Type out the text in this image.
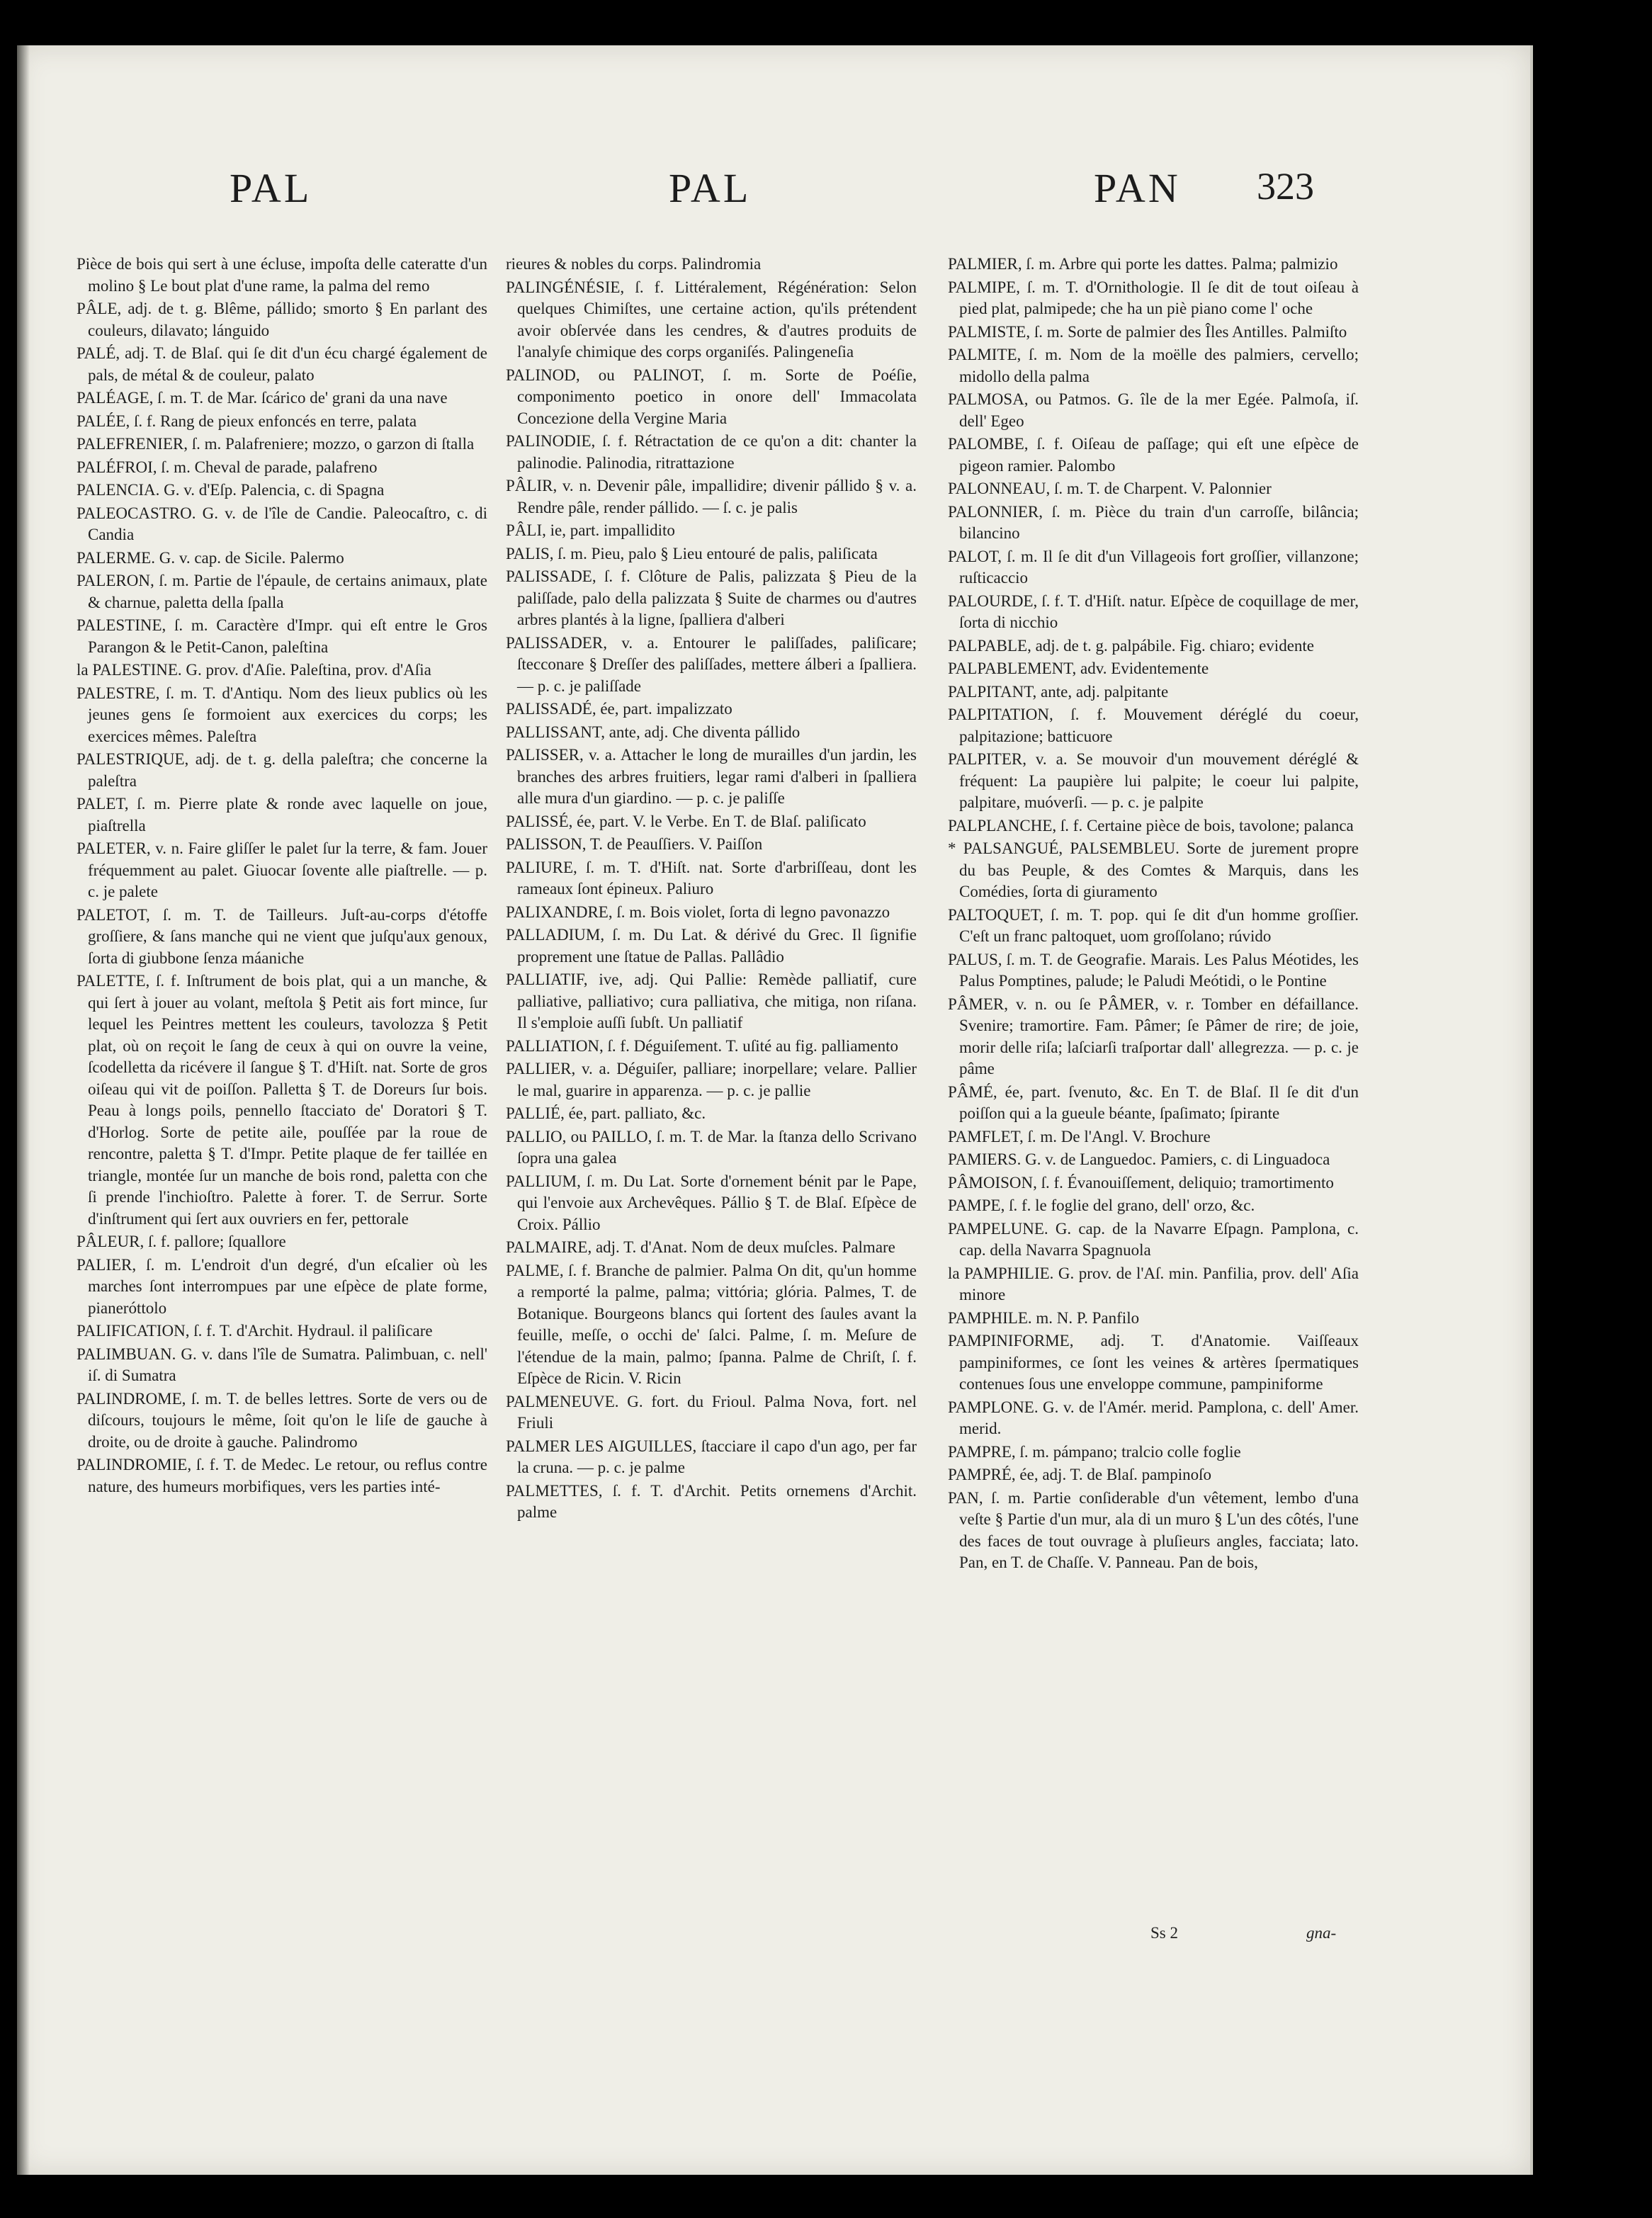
PAL	PAL	PAN 323

Pièce de bois qui sert à une écluse, impoſta delle cateratte d'un molino § Le bout plat d'une rame, la palma del remo

PÂLE, adj. de t. g. Blême, pállido; smorto § En parlant des couleurs, dilavato; lánguido

PALÉ, adj. T. de Blaſ. qui ſe dit d'un écu chargé également de pals, de métal & de couleur, palato

PALÉAGE, ſ. m. T. de Mar. ſcárico de' grani da una nave

PALÉE, ſ. f. Rang de pieux enfoncés en terre, palata

PALEFRENIER, ſ. m. Palafreniere; mozzo, o garzon di ſtalla

PALÉFROI, ſ. m. Cheval de parade, palafreno

PALENCIA. G. v. d'Eſp. Palencia, c. di Spagna

PALEOCASTRO. G. v. de l'île de Candie. Paleocaſtro, c. di Candia

PALERME. G. v. cap. de Sicile. Palermo

PALERON, ſ. m. Partie de l'épaule, de certains animaux, plate & charnue, paletta della ſpalla

PALESTINE, ſ. m. Caractère d'Impr. qui eſt entre le Gros Parangon & le Petit-Canon, paleſtina

la PALESTINE. G. prov. d'Aſie. Paleſtina, prov. d'Aſia

PALESTRE, ſ. m. T. d'Antiqu. Nom des lieux publics où les jeunes gens ſe formoient aux exercices du corps; les exercices mêmes. Paleſtra

PALESTRIQUE, adj. de t. g. della paleſtra; che concerne la paleſtra

PALET, ſ. m. Pierre plate & ronde avec laquelle on joue, piaſtrella

PALETER, v. n. Faire gliſſer le palet ſur la terre, & fam. Jouer fréquemment au palet. Giuocar ſovente alle piaſtrelle. — p. c. je palete

PALETOT, ſ. m. T. de Tailleurs. Juſt-au-corps d'étoffe groſſiere, & ſans manche qui ne vient que juſqu'aux genoux, ſorta di giubbone ſenza máaniche

PALETTE, ſ. f. Inſtrument de bois plat, qui a un manche, & qui ſert à jouer au volant, meſtola § Petit ais fort mince, ſur lequel les Peintres mettent les couleurs, tavolozza § Petit plat, où on reçoit le ſang de ceux à qui on ouvre la veine, ſcodelletta da ricévere il ſangue § T. d'Hiſt. nat. Sorte de gros oiſeau qui vit de poiſſon. Palletta § T. de Doreurs ſur bois. Peau à longs poils, pennello ſtacciato de' Doratori § T. d'Horlog. Sorte de petite aile, pouſſée par la roue de rencontre, paletta § T. d'Impr. Petite plaque de fer taillée en triangle, montée ſur un manche de bois rond, paletta con che ſi prende l'inchioſtro. Palette à forer. T. de Serrur. Sorte d'inſtrument qui ſert aux ouvriers en fer, pettorale

PÂLEUR, ſ. f. pallore; ſquallore

PALIER, ſ. m. L'endroit d'un degré, d'un eſcalier où les marches ſont interrompues par une eſpèce de plate forme, pianeróttolo

PALIFICATION, ſ. f. T. d'Archit. Hydraul. il paliſicare

PALIMBUAN. G. v. dans l'île de Sumatra. Palimbuan, c. nell' iſ. di Sumatra

PALINDROME, ſ. m. T. de belles lettres. Sorte de vers ou de diſcours, toujours le même, ſoit qu'on le liſe de gauche à droite, ou de droite à gauche. Palindromo

PALINDROMIE, ſ. f. T. de Medec. Le retour, ou reflus contre nature, des humeurs morbifiques, vers les parties inté-

rieures & nobles du corps. Palindromia

PALINGÉNÉSIE, ſ. f. Littéralement, Régénération: Selon quelques Chimiſtes, une certaine action, qu'ils prétendent avoir obſervée dans les cendres, & d'autres produits de l'analyſe chimique des corps organiſés. Palingeneſia

PALINOD, ou PALINOT, ſ. m. Sorte de Poéſie, componimento poetico in onore dell' Immacolata Concezione della Vergine Maria

PALINODIE, ſ. f. Rétractation de ce qu'on a dit: chanter la palinodie. Palinodia, ritrattazione

PÂLIR, v. n. Devenir pâle, impallidire; divenir pállido § v. a. Rendre pâle, render pállido. — ſ. c. je palis

PÂLI, ie, part. impallidito

PALIS, ſ. m. Pieu, palo § Lieu entouré de palis, paliſicata

PALISSADE, ſ. f. Clôture de Palis, palizzata § Pieu de la paliſſade, palo della palizzata § Suite de charmes ou d'autres arbres plantés à la ligne, ſpalliera d'alberi

PALISSADER, v. a. Entourer le paliſſades, paliſicare; ſtecconare § Dreſſer des paliſſades, mettere álberi a ſpalliera. — p. c. je paliſſade

PALISSADÉ, ée, part. impalizzato

PALLISSANT, ante, adj. Che diventa pállido

PALISSER, v. a. Attacher le long de murailles d'un jardin, les branches des arbres fruitiers, legar rami d'alberi in ſpalliera alle mura d'un giardino. — p. c. je paliſſe

PALISSÉ, ée, part. V. le Verbe. En T. de Blaſ. paliſicato

PALISSON, T. de Peauſſiers. V. Paiſſon

PALIURE, ſ. m. T. d'Hiſt. nat. Sorte d'arbriſſeau, dont les rameaux ſont épineux. Paliuro

PALIXANDRE, ſ. m. Bois violet, ſorta di legno pavonazzo

PALLADIUM, ſ. m. Du Lat. & dérivé du Grec. Il ſignifie proprement une ſtatue de Pallas. Pallâdio

PALLIATIF, ive, adj. Qui Pallie: Remède palliatif, cure palliative, palliativo; cura palliativa, che mitiga, non riſana. Il s'emploie auſſi ſubſt. Un palliatif

PALLIATION, ſ. f. Déguiſement. T. uſité au fig. palliamento

PALLIER, v. a. Déguiſer, palliare; inorpellare; velare. Pallier le mal, guarire in apparenza. — p. c. je pallie

PALLIÉ, ée, part. palliato, &c.

PALLIO, ou PAILLO, ſ. m. T. de Mar. la ſtanza dello Scrivano ſopra una galea

PALLIUM, ſ. m. Du Lat. Sorte d'ornement bénit par le Pape, qui l'envoie aux Archevêques. Pállio § T. de Blaſ. Eſpèce de Croix. Pállio

PALMAIRE, adj. T. d'Anat. Nom de deux muſcles. Palmare

PALME, ſ. f. Branche de palmier. Palma On dit, qu'un homme a remporté la palme, palma; vittória; glória. Palmes, T. de Botanique. Bourgeons blancs qui ſortent des ſaules avant la feuille, meſſe, o occhi de' ſalci. Palme, ſ. m. Meſure de l'étendue de la main, palmo; ſpanna. Palme de Chriſt, ſ. f. Eſpèce de Ricin. V. Ricin

PALMENEUVE. G. fort. du Frioul. Palma Nova, fort. nel Friuli

PALMER LES AIGUILLES, ſtacciare il capo d'un ago, per far la cruna. — p. c. je palme

PALMETTES, ſ. f. T. d'Archit. Petits ornemens d'Archit. palme

PALMIER, ſ. m. Arbre qui porte les dattes. Palma; palmizio

PALMIPE, ſ. m. T. d'Ornithologie. Il ſe dit de tout oiſeau à pied plat, palmipede; che ha un piè piano come l' oche

PALMISTE, ſ. m. Sorte de palmier des Îles Antilles. Palmiſto

PALMITE, ſ. m. Nom de la moëlle des palmiers, cervello; midollo della palma

PALMOSA, ou Patmos. G. île de la mer Egée. Palmoſa, iſ. dell' Egeo

PALOMBE, ſ. f. Oiſeau de paſſage; qui eſt une eſpèce de pigeon ramier. Palombo

PALONNEAU, ſ. m. T. de Charpent. V. Palonnier

PALONNIER, ſ. m. Pièce du train d'un carroſſe, bilância; bilancino

PALOT, ſ. m. Il ſe dit d'un Villageois fort groſſier, villanzone; ruſticaccio

PALOURDE, ſ. f. T. d'Hiſt. natur. Eſpèce de coquillage de mer, ſorta di nicchio

PALPABLE, adj. de t. g. palpábile. Fig. chiaro; evidente

PALPABLEMENT, adv. Evidentemente

PALPITANT, ante, adj. palpitante

PALPITATION, ſ. f. Mouvement déréglé du coeur, palpitazione; batticuore

PALPITER, v. a. Se mouvoir d'un mouvement déréglé & fréquent: La paupière lui palpite; le coeur lui palpite, palpitare, muóverſi. — p. c. je palpite

PALPLANCHE, ſ. f. Certaine pièce de bois, tavolone; palanca

* PALSANGUÉ, PALSEMBLEU. Sorte de jurement propre du bas Peuple, & des Comtes & Marquis, dans les Comédies, ſorta di giuramento

PALTOQUET, ſ. m. T. pop. qui ſe dit d'un homme groſſier. C'eſt un franc paltoquet, uom groſſolano; rúvido

PALUS, ſ. m. T. de Geografie. Marais. Les Palus Méotides, les Palus Pomptines, palude; le Paludi Meótidi, o le Pontine

PÂMER, v. n. ou ſe PÂMER, v. r. Tomber en défaillance. Svenire; tramortire. Fam. Pâmer; ſe Pâmer de rire; de joie, morir delle riſa; laſciarſi traſportar dall' allegrezza. — p. c. je pâme

PÂMÉ, ée, part. ſvenuto, &c. En T. de Blaſ. Il ſe dit d'un poiſſon qui a la gueule béante, ſpaſimato; ſpirante

PAMFLET, ſ. m. De l'Angl. V. Brochure

PAMIERS. G. v. de Languedoc. Pamiers, c. di Linguadoca

PÂMOISON, ſ. f. Évanouiſſement, deliquio; tramortimento

PAMPE, ſ. f. le foglie del grano, dell' orzo, &c.

PAMPELUNE. G. cap. de la Navarre Eſpagn. Pamplona, c. cap. della Navarra Spagnuola

la PAMPHILIE. G. prov. de l'Aſ. min. Panfilia, prov. dell' Aſia minore

PAMPHILE. m. N. P. Panfilo

PAMPINIFORME, adj. T. d'Anatomie. Vaiſſeaux pampiniformes, ce ſont les veines & artères ſpermatiques contenues ſous une enveloppe commune, pampiniforme

PAMPLONE. G. v. de l'Amér. merid. Pamplona, c. dell' Amer. merid.

PAMPRE, ſ. m. pámpano; tralcio colle foglie

PAMPRÉ, ée, adj. T. de Blaſ. pampinoſo

PAN, ſ. m. Partie conſiderable d'un vêtement, lembo d'una veſte § Partie d'un mur, ala di un muro § L'un des côtés, l'une des faces de tout ouvrage à pluſieurs angles, facciata; lato. Pan, en T. de Chaſſe. V. Panneau. Pan de bois,

Ss 2	gna-
